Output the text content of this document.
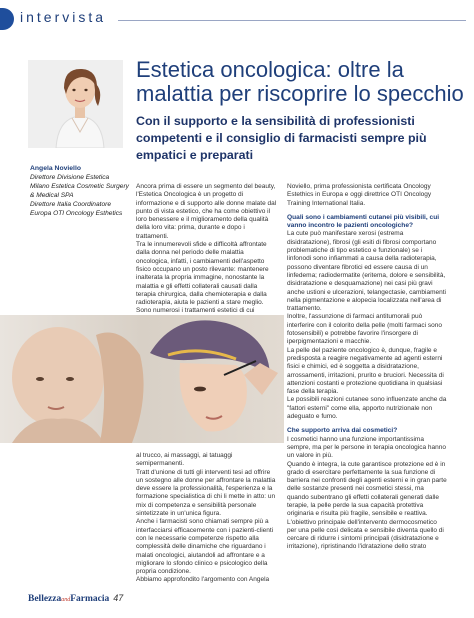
intervista
Estetica oncologica: oltre la malattia per riscoprire lo specchio
Con il supporto e la sensibilità di professionisti competenti e il consiglio di farmacisti sempre più empatici e preparati
Angela Noviello
Direttore Divisione Estetica
Milano Estetica Cosmetic Surgery & Medical SPA
Direttore Italia Coordinatore Europa OTI Oncology Esthetics

Ancora prima di essere un segmento del beauty, l'Estetica Oncologica è un progetto di informazione e di supporto alle donne malate dal punto di vista estetico, che ha come obiettivo il loro benessere e il miglioramento della qualità della loro vita: prima, durante e dopo i trattamenti.

Tra le innumerevoli sfide e difficoltà affrontate dalla donna nel periodo delle malattia oncologica, infatti, i cambiamenti dell'aspetto fisico occupano un posto rilevante: mantenere inalterata la propria immagine, nonostante la malattia e gli effetti collaterali causati dalla terapia chirurgica, dalla chemioterapia e dalla radioterapia, aiuta le pazienti a stare meglio.

Sono numerosi i trattamenti estetici di cui

al trucco, ai massaggi, ai tatuaggi semipermanenti.

Tratt d'unione di tutti gli interventi tesi ad offrire un sostegno alle donne per affrontare la malattia deve essere la professionalità, l'esperienza e la formazione specialistica di chi li mette in atto: un mix di competenza e sensibilità personale sintetizzate in un'unica figura.

Anche i farmacisti sono chiamati sempre più a interfacciarsi efficacemente con i pazienti-clienti con le necessarie competenze rispetto alla complessità delle dinamiche che riguardano i malati oncologici, aiutandoli ad affrontare e a migliorare lo sfondo clinico e psicologico della propria condizione.

Abbiamo approfondito l'argomento con Angela

Noviello, prima professionista certificata Oncology Estethics in Europa e oggi direttrice OTI Oncology Training International Italia.

Quali sono i cambiamenti cutanei più visibili, cui vanno incontro le pazienti oncologiche?

La cute può manifestare xerosi (estrema disidratazione), fibrosi (gli esiti di fibrosi comportano problematiche di tipo estetico e funzionale) se i linfonodi sono infiammati a causa della radioterapia, possono diventare fibrotici ed essere causa di un linfedema; radiodermatite (eritema, dolore e sensibilità, disidratazione e desquamazione) nei casi più gravi anche ustioni e ulcerazioni, telangectasie, cambiamenti nella pigmentazione e alopecia localizzata nell'area di trattamento.

Inoltre, l'assunzione di farmaci antitumorali può interferire con il colorito della pelle (molti farmaci sono fotosensibili) e potrebbe favorire l'insorgere di iperpigmentazioni e macchie.

La pelle del paziente oncologico è, dunque, fragile e predisposta a reagire negativamente ad agenti esterni fisici e chimici, ed è soggetta a disidratazione, arrossamenti, irritazioni, prurito e bruciori. Necessita di attenzioni costanti e protezione quotidiana in qualsiasi fase della terapia.

Le possibili reazioni cutanee sono influenzate anche da "fattori esterni" come ella, apporto nutrizionale non adeguato e fumo.

Che supporto arriva dai cosmetici?

I cosmetici hanno una funzione importantissima sempre, ma per le persone in terapia oncologica hanno un valore in più.

Quando è integra, la cute garantisce protezione ed è in grado di esercitare perfettamente la sua funzione di barriera nei confronti degli agenti esterni e in gran parte delle sostanze presenti nei cosmetici stessi, ma quando subentrano gli effetti collaterali generati dalle terapie, la pelle perde la sua capacità protettiva originaria e risulta più fragile, sensibile e reattiva.

L'obiettivo principale dell'intervento dermocosmetico per una pelle così delicata e sensibile diventa quello di cercare di ridurre i sintomi principali (disidratazione e irritazione), ripristinando l'idratazione dello strato

BellezzaandFarmacia 47
